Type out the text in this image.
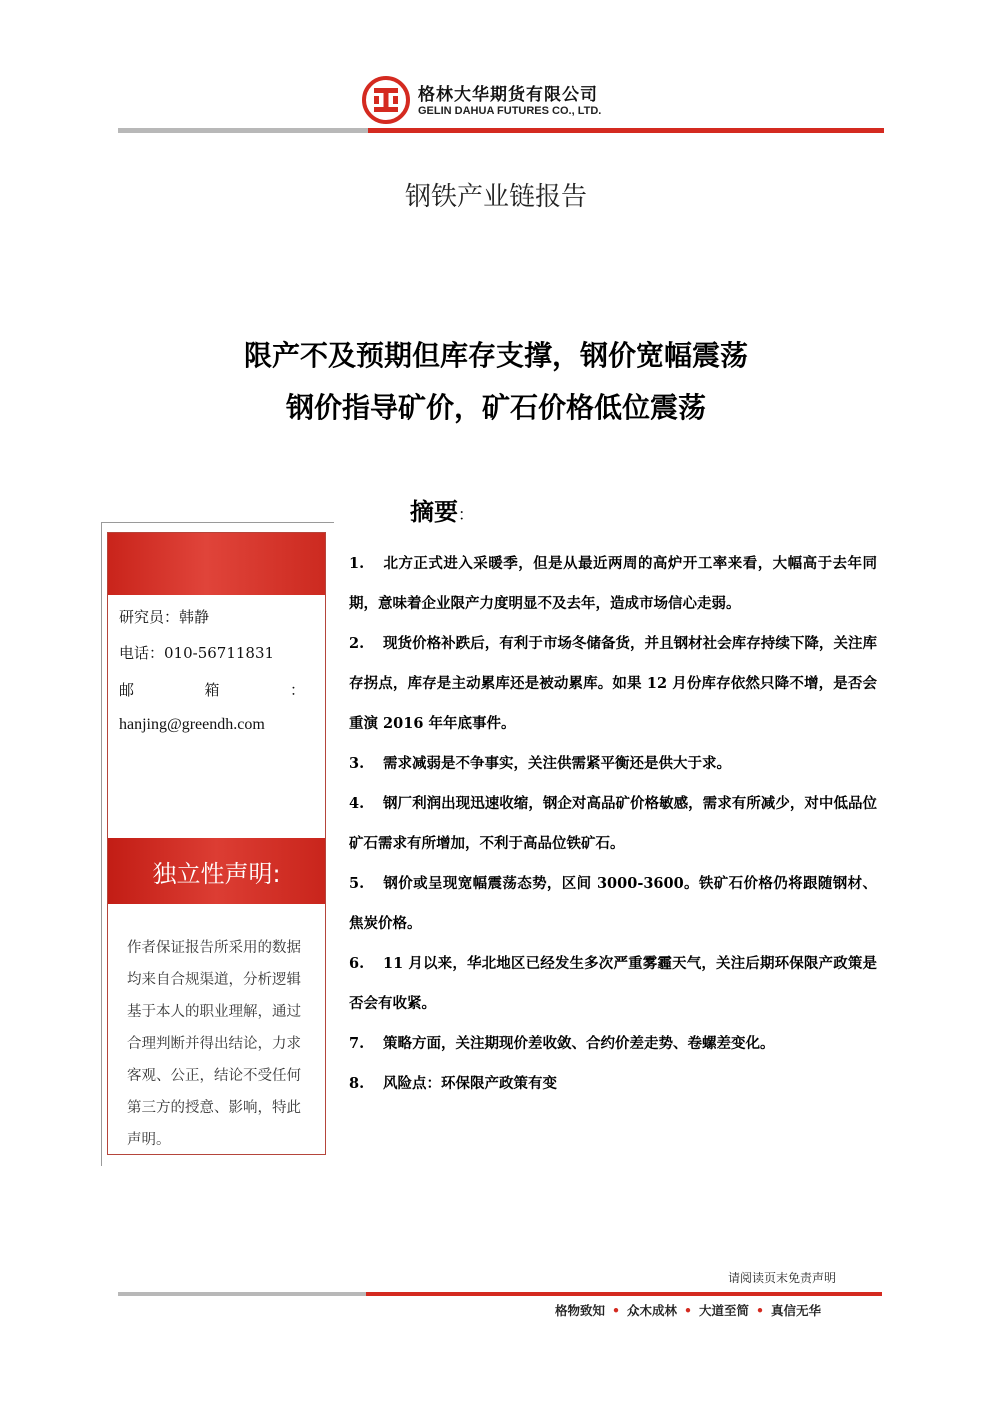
格林大华期货有限公司
GELIN DAHUA FUTURES CO., LTD.
钢铁产业链报告
限产不及预期但库存支撑，钢价宽幅震荡
钢价指导矿价，矿石价格低位震荡
摘要：
研究员：韩静
电话：010-56711831
邮	箱	：
hanjing@greendh.com
独立性声明:
作者保证报告所采用的数据均来自合规渠道，分析逻辑基于本人的职业理解，通过合理判断并得出结论，力求客观、公正，结论不受任何第三方的授意、影响，特此声明。
1. 北方正式进入采暖季，但是从最近两周的高炉开工率来看，大幅高于去年同期，意味着企业限产力度明显不及去年，造成市场信心走弱。
2. 现货价格补跌后，有利于市场冬储备货，并且钢材社会库存持续下降，关注库存拐点，库存是主动累库还是被动累库。如果 12 月份库存依然只降不增，是否会重演 2016 年年底事件。
3. 需求减弱是不争事实，关注供需紧平衡还是供大于求。
4. 钢厂利润出现迅速收缩，钢企对高品矿价格敏感，需求有所减少，对中低品位矿石需求有所增加，不利于高品位铁矿石。
5. 钢价或呈现宽幅震荡态势，区间 3000-3600。铁矿石价格仍将跟随钢材、焦炭价格。
6. 11 月以来，华北地区已经发生多次严重雾霾天气，关注后期环保限产政策是否会有收紧。
7. 策略方面，关注期现价差收敛、合约价差走势、卷螺差变化。
8. 风险点：环保限产政策有变
请阅读页末免责声明
格物致知 • 众木成林 • 大道至简 • 真信无华
